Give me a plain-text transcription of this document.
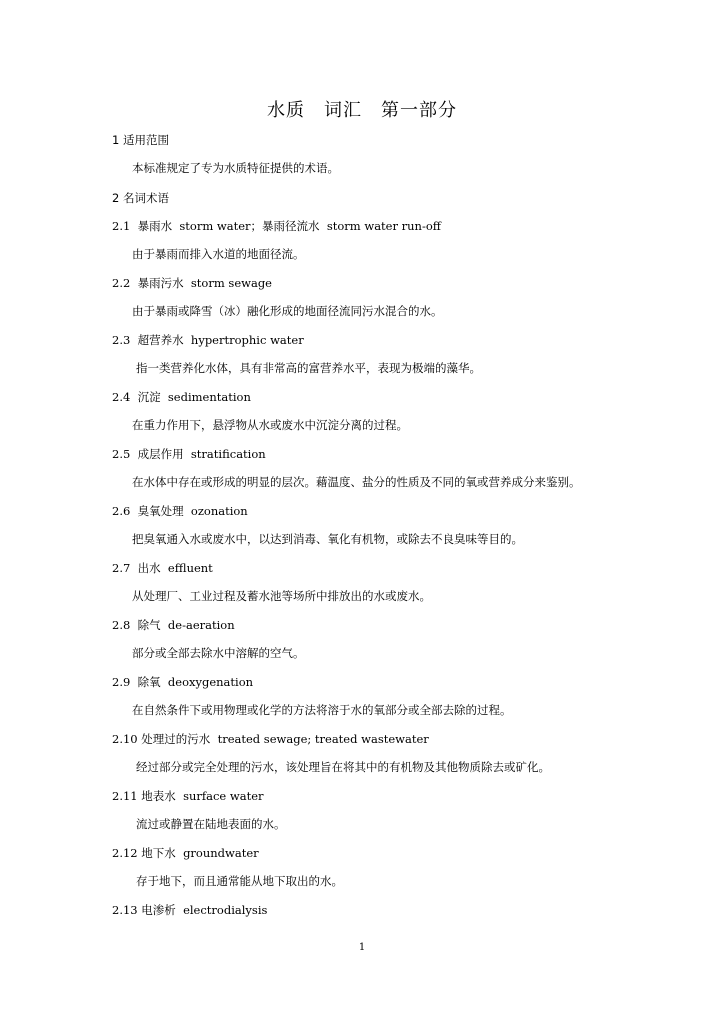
水质　词汇　第一部分
1 适用范围
本标准规定了专为水质特征提供的术语。
2 名词术语
2.1  暴雨水  storm water；暴雨径流水  storm water run-off
由于暴雨而排入水道的地面径流。
2.2  暴雨污水  storm sewage
由于暴雨或降雪（冰）融化形成的地面径流同污水混合的水。
2.3  超营养水  hypertrophic water
指一类营养化水体，具有非常高的富营养水平，表现为极端的藻华。
2.4  沉淀  sedimentation
在重力作用下，悬浮物从水或废水中沉淀分离的过程。
2.5  成层作用  stratification
在水体中存在或形成的明显的层次。藉温度、盐分的性质及不同的氧或营养成分来鉴别。
2.6  臭氧处理  ozonation
把臭氧通入水或废水中，以达到消毒、氧化有机物，或除去不良臭味等目的。
2.7  出水  effluent
从处理厂、工业过程及蓄水池等场所中排放出的水或废水。
2.8  除气  de-aeration
部分或全部去除水中溶解的空气。
2.9  除氧  deoxygenation
在自然条件下或用物理或化学的方法将溶于水的氧部分或全部去除的过程。
2.10 处理过的污水  treated sewage; treated wastewater
经过部分或完全处理的污水，该处理旨在将其中的有机物及其他物质除去或矿化。
2.11 地表水  surface water
流过或静置在陆地表面的水。
2.12 地下水  groundwater
存于地下，而且通常能从地下取出的水。
2.13 电渗析  electrodialysis
1
